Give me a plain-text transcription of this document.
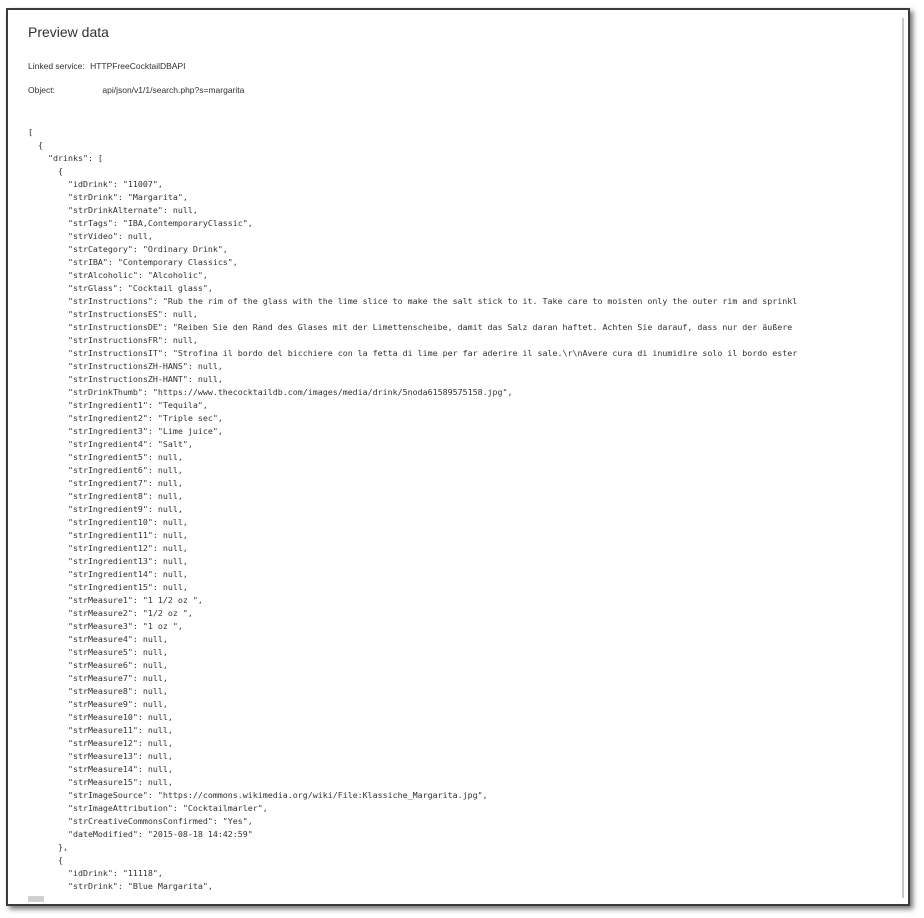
Preview data
Linked service: HTTPFreeCocktailDBAPI
Object:	api/json/v1/1/search.php?s=margarita
[
{
"drinks": [
{
"idDrink": "11007",
"strDrink": "Margarita",
"strDrinkAlternate": null,
"strTags": "IBA,ContemporaryClassic",
"strVideo": null,
"strCategory": "Ordinary Drink",
"strIBA": "Contemporary Classics",
"strAlcoholic": "Alcoholic",
"strGlass": "Cocktail glass",
"strInstructions": "Rub the rim of the glass with the lime slice to make the salt stick to it. Take care to moisten only the outer rim and sprinkl
"strInstructionsES": null,
"strInstructionsDE": "Reiben Sie den Rand des Glases mit der Limettenscheibe, damit das Salz daran haftet. Achten Sie darauf, dass nur der äußere
"strInstructionsFR": null,
"strInstructionsIT": "Strofina il bordo del bicchiere con la fetta di lime per far aderire il sale.\r\nAvere cura di inumidire solo il bordo ester
"strInstructionsZH-HANS": null,
"strInstructionsZH-HANT": null,
"strDrinkThumb": "https://www.thecocktaildb.com/images/media/drink/5noda61589575158.jpg",
"strIngredient1": "Tequila",
"strIngredient2": "Triple sec",
"strIngredient3": "Lime juice",
"strIngredient4": "Salt",
"strIngredient5": null,
"strIngredient6": null,
"strIngredient7": null,
"strIngredient8": null,
"strIngredient9": null,
"strIngredient10": null,
"strIngredient11": null,
"strIngredient12": null,
"strIngredient13": null,
"strIngredient14": null,
"strIngredient15": null,
"strMeasure1": "1 1/2 oz ",
"strMeasure2": "1/2 oz ",
"strMeasure3": "1 oz ",
"strMeasure4": null,
"strMeasure5": null,
"strMeasure6": null,
"strMeasure7": null,
"strMeasure8": null,
"strMeasure9": null,
"strMeasure10": null,
"strMeasure11": null,
"strMeasure12": null,
"strMeasure13": null,
"strMeasure14": null,
"strMeasure15": null,
"strImageSource": "https://commons.wikimedia.org/wiki/File:Klassiche_Margarita.jpg",
"strImageAttribution": "Cocktailmarler",
"strCreativeCommonsConfirmed": "Yes",
"dateModified": "2015-08-18 14:42:59"
},
{
"idDrink": "11118",
"strDrink": "Blue Margarita",
